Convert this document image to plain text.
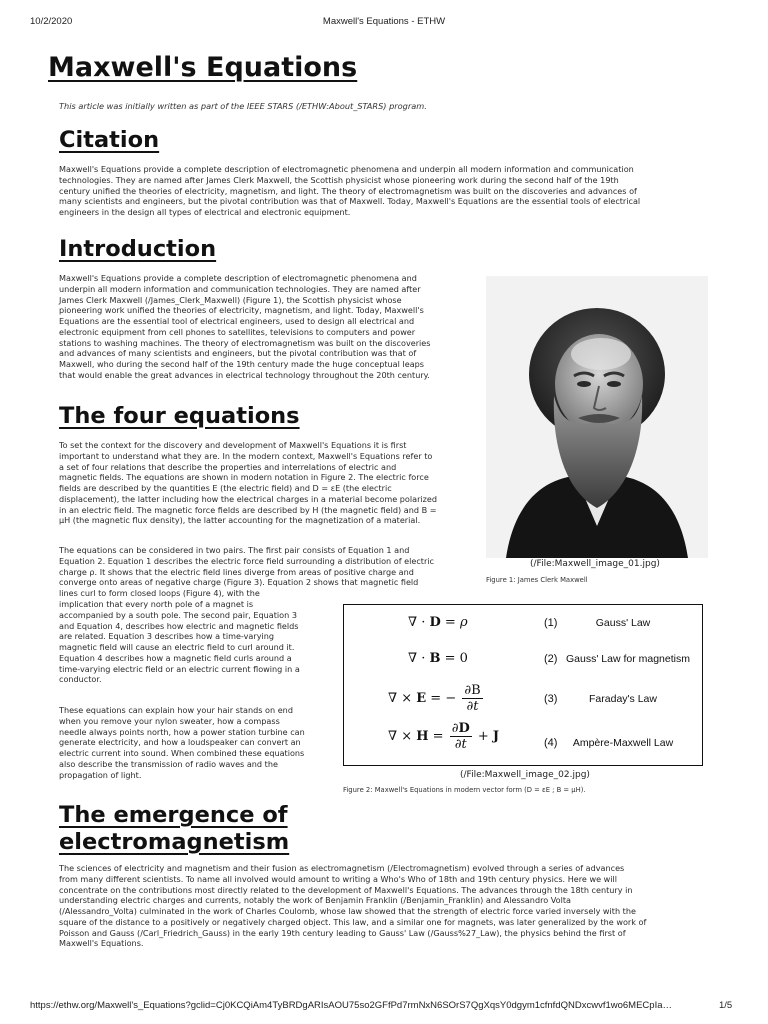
10/2/2020	Maxwell's Equations - ETHW
Maxwell's Equations
This article was initially written as part of the IEEE STARS (/ETHW:About_STARS) program.
Citation
Maxwell's Equations provide a complete description of electromagnetic phenomena and underpin all modern information and communication
technologies. They are named after James Clerk Maxwell, the Scottish physicist whose pioneering work during the second half of the 19th
century unified the theories of electricity, magnetism, and light. The theory of electromagnetism was built on the discoveries and advances of
many scientists and engineers, but the pivotal contribution was that of Maxwell. Today, Maxwell's Equations are the essential tools of electrical
engineers in the design all types of electrical and electronic equipment.
Introduction
Maxwell's Equations provide a complete description of electromagnetic phenomena and
underpin all modern information and communication technologies. They are named after
James Clerk Maxwell (/James_Clerk_Maxwell) (Figure 1), the Scottish physicist whose
pioneering work unified the theories of electricity, magnetism, and light. Today, Maxwell's
Equations are the essential tool of electrical engineers, used to design all electrical and
electronic equipment from cell phones to satellites, televisions to computers and power
stations to washing machines. The theory of electromagnetism was built on the discoveries
and advances of many scientists and engineers, but the pivotal contribution was that of
Maxwell, who during the second half of the 19th century made the huge conceptual leaps
that would enable the great advances in electrical technology throughout the 20th century.
(/File:Maxwell_image_01.jpg)
Figure 1: James Clerk Maxwell
The four equations
To set the context for the discovery and development of Maxwell's Equations it is first
important to understand what they are. In the modern context, Maxwell's Equations refer to
a set of four relations that describe the properties and interrelations of electric and
magnetic fields. The equations are shown in modern notation in Figure 2. The electric force
fields are described by the quantities E (the electric field) and D = εE (the electric
displacement), the latter including how the electrical charges in a material become polarized
in an electric field. The magnetic force fields are described by H (the magnetic field) and B =
μH (the magnetic flux density), the latter accounting for the magnetization of a material.
The equations can be considered in two pairs. The first pair consists of Equation 1 and
Equation 2. Equation 1 describes the electric force field surrounding a distribution of electric
charge ρ. It shows that the electric field lines diverge from areas of positive charge and
converge onto areas of negative charge (Figure 3). Equation 2 shows that magnetic field
lines curl to form closed loops (Figure 4), with the
implication that every north pole of a magnet is
accompanied by a south pole. The second pair, Equation 3
and Equation 4, describes how electric and magnetic fields
are related. Equation 3 describes how a time-varying
magnetic field will cause an electric field to curl around it.
Equation 4 describes how a magnetic field curls around a
time-varying electric field or an electric current flowing in a
conductor.
These equations can explain how your hair stands on end
when you remove your nylon sweater, how a compass
needle always points north, how a power station turbine can
generate electricity, and how a loudspeaker can convert an
electric current into sound. When combined these equations
also describe the transmission of radio waves and the
propagation of light.
∇ · D = ρ	(1)	Gauss' Law
∇ · B = 0	(2) Gauss' Law for magnetism
∇ × E = − $\frac{\partial B}{\partial t}$	(3)	Faraday's Law
∇ × $H = \frac{\partial D}{\partial t} + J$	(4)	Ampère-Maxwell Law
(/File:Maxwell_image_02.jpg)
Figure 2: Maxwell's Equations in modern vector form (D = εE ; B = μH).
The emergence of
electromagnetism
The sciences of electricity and magnetism and their fusion as electromagnetism (/Electromagnetism) evolved through a series of advances
from many different scientists. To name all involved would amount to writing a Who's Who of 18th and 19th century physics. Here we will
concentrate on the contributions most directly related to the development of Maxwell's Equations. The advances through the 18th century in
understanding electric charges and currents, notably the work of Benjamin Franklin (/Benjamin_Franklin) and Alessandro Volta
(/Alessandro_Volta) culminated in the work of Charles Coulomb, whose law showed that the strength of electric force varied inversely with the
square of the distance to a positively or negatively charged object. This law, and a similar one for magnets, was later generalized by the work of
Poisson and Gauss (/Carl_Friedrich_Gauss) in the early 19th century leading to Gauss' Law (/Gauss%27_Law), the physics behind the first of
Maxwell's Equations.
https://ethw.org/Maxwell's_Equations?gclid=Cj0KCQiAm4TyBRDgARIsAOU75so2GFfPd7rmNxN6SOrS7QgXqsY0dgym1cfnfdQNDxcwvf1wo6MECpIa…	1/5
